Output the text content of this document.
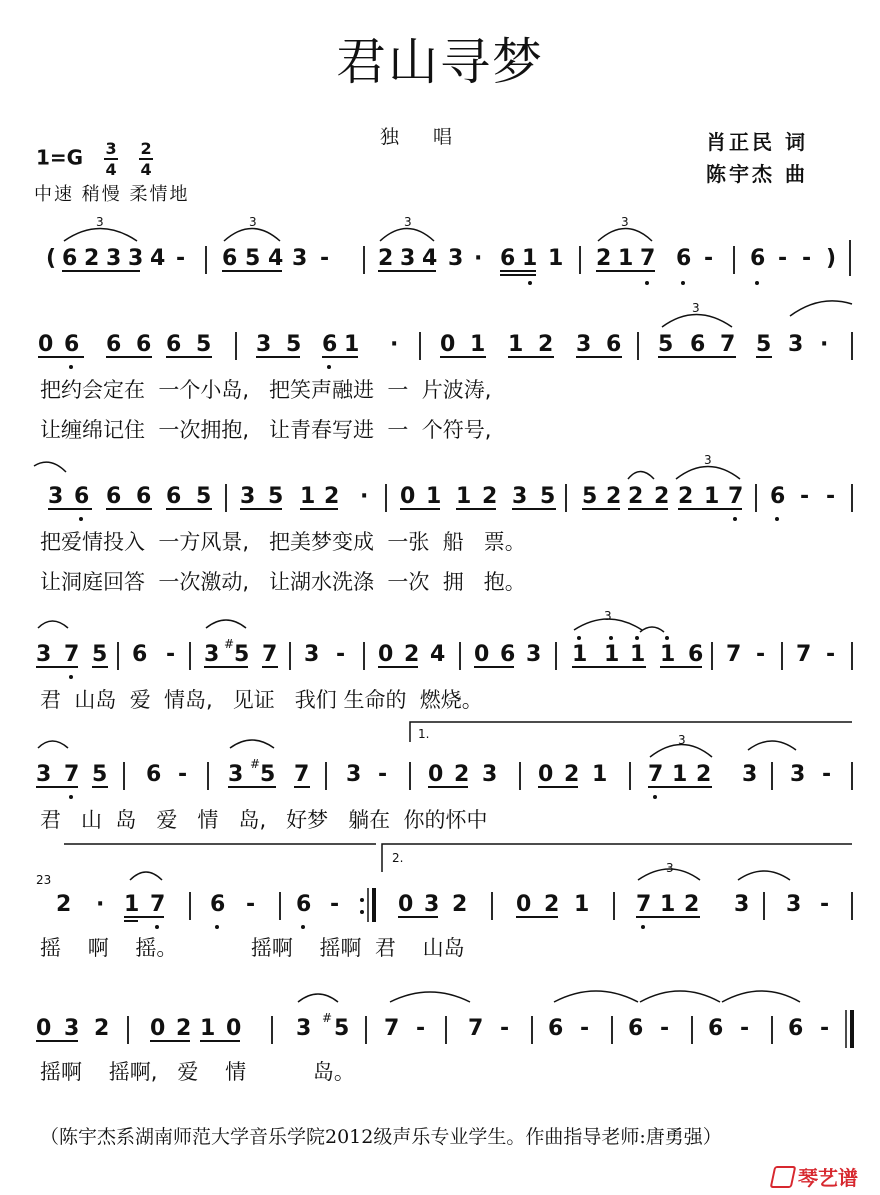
君山寻梦
独 唱	肖正民 词
陈宇杰 曲
$1=G \frac{3}{4}$
$\frac{2}{4}$
中速 稍慢 柔情地
( 6 2 3 3 4 -
3
6 5 4 3 -
3
2 3 4 3 · 6 1
3
1 2 1 7 6 -
3
6 - - )
0 6 6 6 6 5 3 5 6 1 · 0 1 1 2 3 6 5 6 7 5 3 ·
3
把约会定在  一个小岛,   把笑声融进  一  片波涛,
让缠绵记住  一次拥抱,   让青春写进  一  个符号,
3 6 6 6 6 5 3 5 1 2 · 0 1 1 2 3 5 5 2 2 2 2 1 7
3
6 - -
把爱情投入  一方风景,   把美梦变成  一张  船   票。
让洞庭回答  一次激动,   让湖水洗涤  一次  拥   抱。
3 7 5 6 - 3 # 5 7 3 - 0 2 4 0 6 3 1 1 1 1 6
3
7 - 7 -
君  山岛  爱  情岛,   见证   我们 生命的  燃烧。
1.
3 7 5 6 - 3 # 5 7 3 - 0 2 3 0 2 1 7 1 2 3
3
3 -
君   山  岛   爱   情   岛,   好梦   躺在  你的怀中
2.
23
2 · 1 7 6 - 6 -	0 3 2 0 2 1 7 1 2 3
3
3 -
摇    啊    摇。           摇啊    摇啊  君    山岛
0 3 2 0 2 1 0 3 # 5 7 - 7 - 6 - 6 - 6 - 6 -
摇啊    摇啊,   爱    情          岛。
（陈宇杰系湖南师范大学音乐学院2012级声乐专业学生。作曲指导老师:唐勇强）
琴艺谱
